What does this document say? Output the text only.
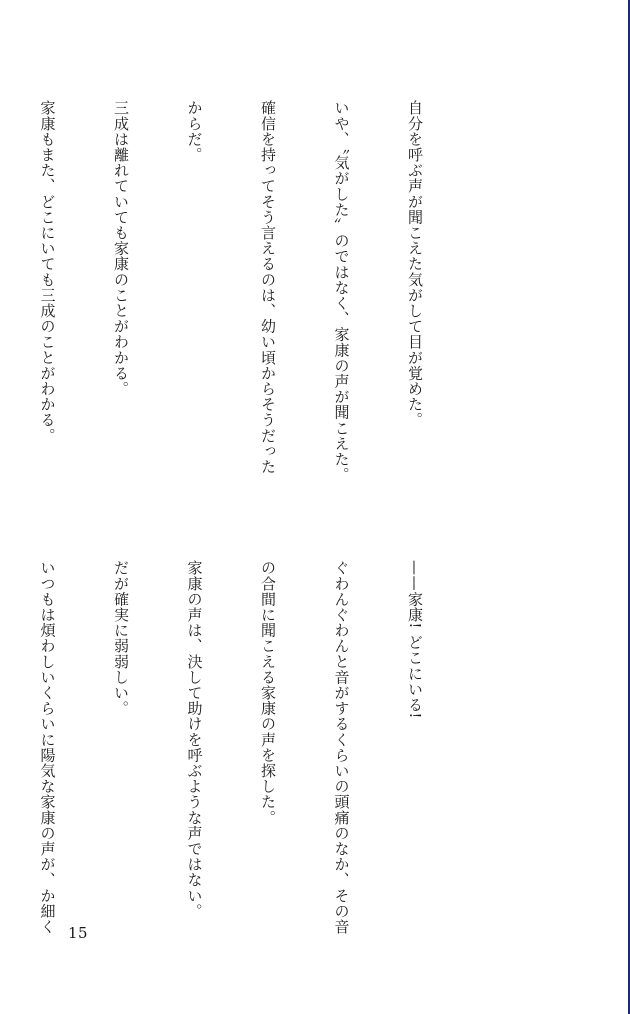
自分を呼ぶ声が聞こえた気がして目が覚めた。

いや、〝気がした〟のではなく、家康の声が聞こえた。

確信を持ってそう言えるのは、幼い頃からそうだった

からだ。

三成は離れていても家康のことがわかる。

家康もまた、どこにいても三成のことがわかる。

——家康! どこにいる!

ぐわんぐわんと音がするくらいの頭痛のなか、その音

の合間に聞こえる家康の声を探した。

家康の声は、決して助けを呼ぶような声ではない。

だが確実に弱弱しい。

いつもは煩わしいくらいに陽気な家康の声が、か細く

15
